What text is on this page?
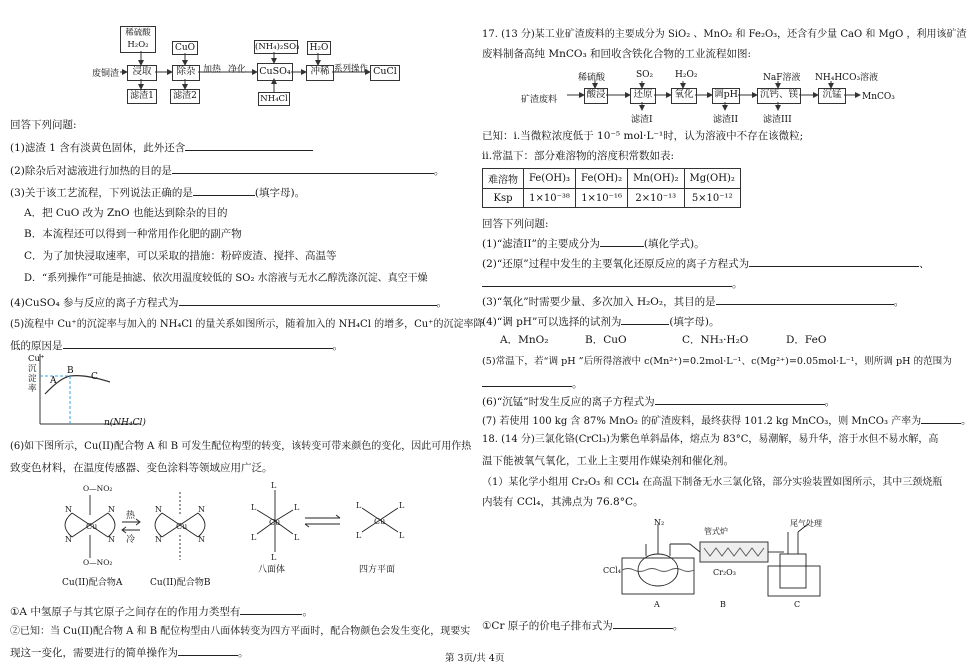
稀硫酸
H₂O₂
废铜渣	浸取
滤渣1
CuO
除杂
滤渣2
加热 净化
(NH₄)₂SO₃
CuSO₄
NH₄Cl
H₂O
冲稀 系列操作 CuCl
回答下列问题:
(1)滤渣 1 含有淡黄色固体，此外还含
(2)除杂后对滤液进行加热的目的是	。
(3)关于该工艺流程，下列说法正确的是	(填字母)。
A．把 CuO 改为 ZnO 也能达到除杂的目的
B．本流程还可以得到一种常用作化肥的副产物
C．为了加快浸取速率，可以采取的措施：粉碎废渣、搅拌、高温等
D．“系列操作”可能是抽滤、依次用温度较低的 SO₂ 水溶液与无水乙醇洗涤沉淀、真空干燥
(4)CuSO₄ 参与反应的离子方程式为	。
(5)流程中 Cu⁺的沉淀率与加入的 NH₄Cl 的量关系如图所示，随着加入的 NH₄Cl 的增多，Cu⁺的沉淀率降
低的原因是	。
Cu⁺
沉
淀
率
A
B
C
n(NH₄Cl)
(6)如下图所示，Cu(II)配合物 A 和 B 可发生配位构型的转变，该转变可带来颜色的变化，因此可用作热
致变色材料，在温度传感器、变色涂料等领域应用广泛。
Cu	Cu	Cu	Cu
N	N
N	N
N	N
N	N
L
L
L	L
L	L
L	L
L	L
O—NO₂
O—NO₂
热
冷
八面体	四方平面
Cu(II)配合物A	Cu(II)配合物B
①A 中氢原子与其它原子之间存在的作用力类型有	。
②已知：当 Cu(II)配合物 A 和 B 配位构型由八面体转变为四方平面时，配合物颜色会发生变化，现要实
现这一变化，需要进行的简单操作为	。
17. (13 分)某工业矿渣废料的主要成分为 SiO₂ 、MnO₂ 和 Fe₂O₃，还含有少量 CaO 和 MgO ，利用该矿渣
废料制备高纯 MnCO₃ 和回收含铁化合物的工业流程如图:
矿渣废料
稀硫酸
酸浸
SO₂
还原
滤渣I
H₂O₂
氧化	调pH
滤渣II
NaF溶液
沉钙、镁
滤渣III
NH₄HCO₃溶液
沉锰	MnCO₃
已知：i.当微粒浓度低于 10⁻⁵ mol·L⁻¹时，认为溶液中不存在该微粒;
ii.常温下：部分难溶物的溶度积常数如表:
难溶物	Fe(OH)₃	Fe(OH)₂	Mn(OH)₂	Mg(OH)₂
Ksp	1×10⁻³⁸	1×10⁻¹⁶	2×10⁻¹³	5×10⁻¹²
回答下列问题:
(1)“滤渣II”的主要成分为	(填化学式)。
(2)“还原”过程中发生的主要氧化还原反应的离子方程式为	、
。
(3)“氧化”时需要少量、多次加入 H₂O₂，其目的是	。
(4)“调 pH”可以选择的试剂为	(填字母)。
A．MnO₂	B．CuO	C．NH₃·H₂O	D．FeO
(5)常温下，若“调 pH ”后所得溶液中 c(Mn²⁺)=0.2mol·L⁻¹、c(Mg²⁺)=0.05mol·L⁻¹，则所调 pH 的范围为
。
(6)“沉锰”时发生反应的离子方程式为	。
(7) 若使用 100 kg 含 87% MnO₂ 的矿渣废料，最终获得 101.2 kg MnCO₃，则 MnCO₃ 产率为	。
18. (14 分)三氯化铬(CrCl₃)为紫色单斜晶体，熔点为 83°C，易潮解，易升华，溶于水但不易水解，高
温下能被氧气氧化，工业上主要用作媒染剂和催化剂。
（1）某化学小组用 Cr₂O₃ 和 CCl₄ 在高温下制备无水三氯化铬，部分实验装置如图所示，其中三颈烧瓶
内装有 CCl₄，其沸点为 76.8°C。
N₂
管式炉
尾气处理
CCl₄	Cr₂O₃
A	B	C
①Cr 原子的价电子排布式为	。
第 3页/共 4页
